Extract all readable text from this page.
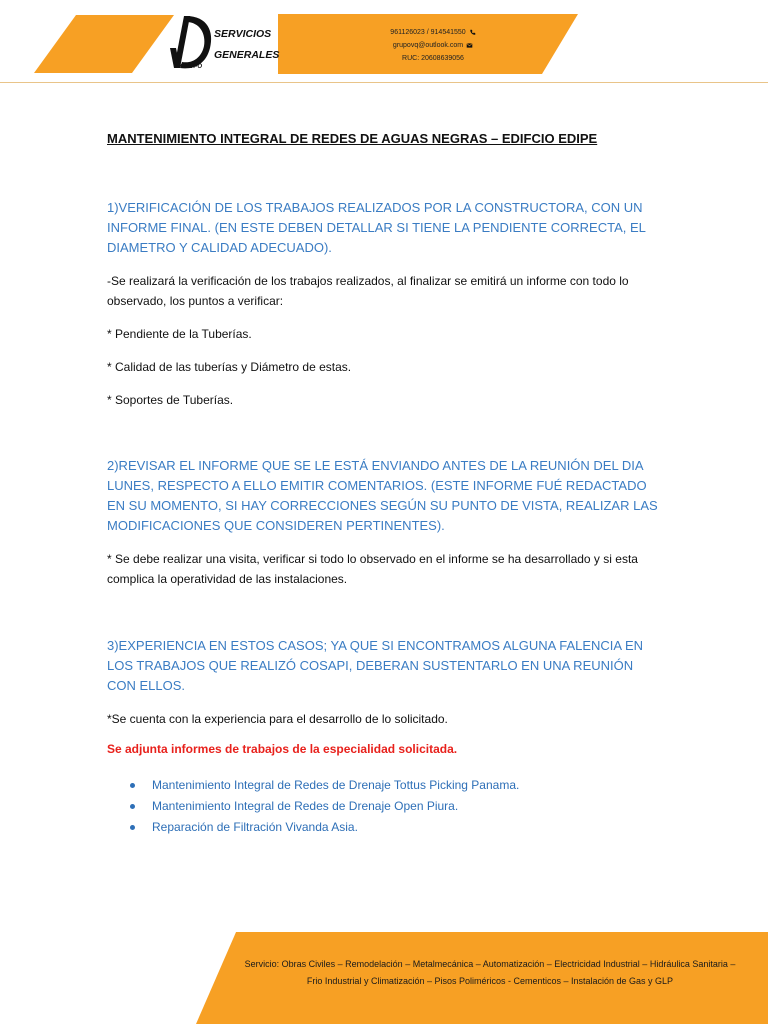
GRUPO
SERVICIOS
GENERALES
961126023 / 914541550
grupovq@outlook.com
RUC: 20608639056
MANTENIMIENTO INTEGRAL DE REDES DE AGUAS NEGRAS – EDIFCIO EDIPE
1)VERIFICACIÓN DE LOS TRABAJOS REALIZADOS POR LA CONSTRUCTORA, CON UN INFORME FINAL. (EN ESTE DEBEN DETALLAR SI TIENE LA PENDIENTE CORRECTA, EL DIAMETRO Y CALIDAD ADECUADO).
-Se realizará la verificación de los trabajos realizados, al finalizar se emitirá un informe con todo lo observado, los puntos a verificar:
* Pendiente de la Tuberías.
* Calidad de las tuberías y Diámetro de estas.
* Soportes de Tuberías.
2)REVISAR EL INFORME QUE SE LE ESTÁ ENVIANDO ANTES DE LA REUNIÓN DEL DIA LUNES, RESPECTO A ELLO EMITIR COMENTARIOS. (ESTE INFORME FUÉ REDACTADO EN SU MOMENTO, SI HAY CORRECCIONES SEGÚN SU PUNTO DE VISTA, REALIZAR LAS MODIFICACIONES QUE CONSIDEREN PERTINENTES).
* Se debe realizar una visita, verificar si todo lo observado en el informe se ha desarrollado y si esta complica la operatividad de las instalaciones.
3)EXPERIENCIA EN ESTOS CASOS; YA QUE SI ENCONTRAMOS ALGUNA FALENCIA EN LOS TRABAJOS QUE REALIZÓ COSAPI, DEBERAN SUSTENTARLO EN UNA REUNIÓN CON ELLOS.
*Se cuenta con la experiencia para el desarrollo de lo solicitado.
Se adjunta informes de trabajos de la especialidad solicitada.
Mantenimiento Integral de Redes de Drenaje Tottus Picking Panama.
Mantenimiento Integral de Redes de Drenaje Open Piura.
Reparación de Filtración Vivanda Asia.
Servicio: Obras Civiles – Remodelación – Metalmecánica – Automatización – Electricidad Industrial – Hidráulica Sanitaria – Frio Industrial y Climatización – Pisos Poliméricos - Cementicos – Instalación de Gas y GLP
